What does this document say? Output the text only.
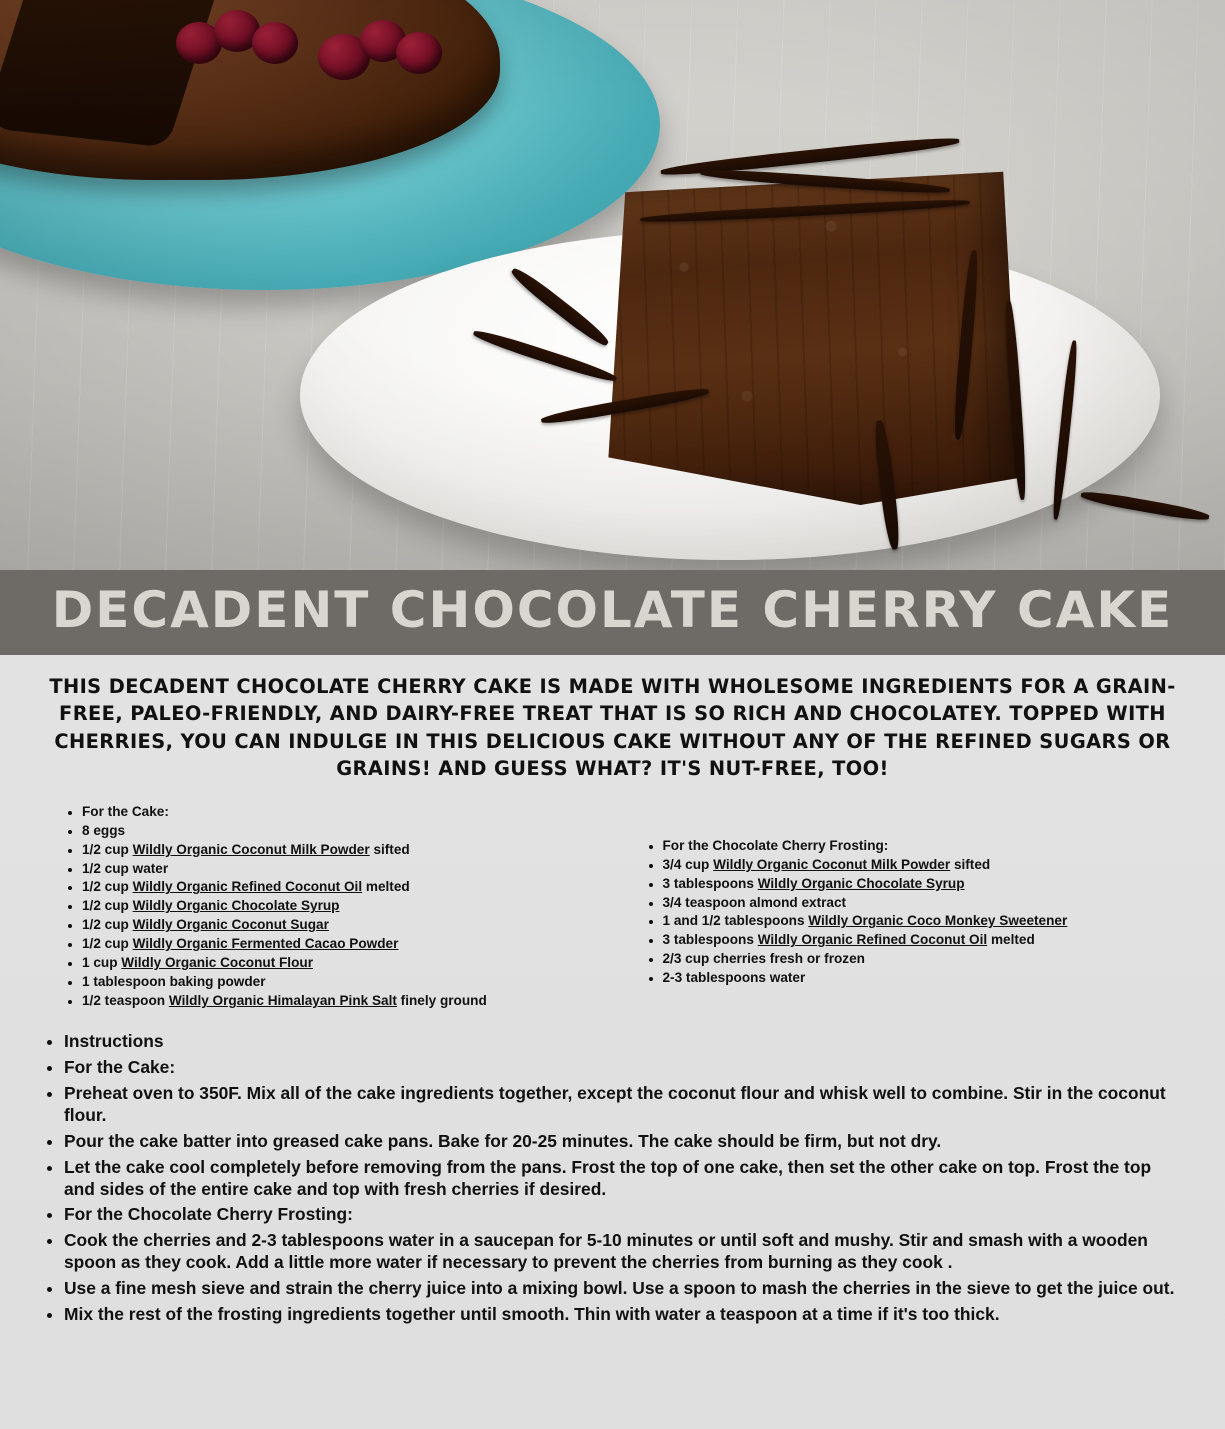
DECADENT CHOCOLATE CHERRY CAKE
THIS DECADENT CHOCOLATE CHERRY CAKE IS MADE WITH WHOLESOME INGREDIENTS FOR A GRAIN-FREE, PALEO-FRIENDLY, AND DAIRY-FREE TREAT THAT IS SO RICH AND CHOCOLATEY. TOPPED WITH CHERRIES, YOU CAN INDULGE IN THIS DELICIOUS CAKE WITHOUT ANY OF THE REFINED SUGARS OR GRAINS! AND GUESS WHAT? IT'S NUT-FREE, TOO!
• For the Cake:
• 8 eggs
• 1/2 cup Wildly Organic Coconut Milk Powder sifted
• 1/2 cup water
• 1/2 cup Wildly Organic Refined Coconut Oil melted
• 1/2 cup Wildly Organic Chocolate Syrup
• 1/2 cup Wildly Organic Coconut Sugar
• 1/2 cup Wildly Organic Fermented Cacao Powder
• 1 cup Wildly Organic Coconut Flour
• 1 tablespoon baking powder
• 1/2 teaspoon Wildly Organic Himalayan Pink Salt finely ground
• For the Chocolate Cherry Frosting:
• 3/4 cup Wildly Organic Coconut Milk Powder sifted
• 3 tablespoons Wildly Organic Chocolate Syrup
• 3/4 teaspoon almond extract
• 1 and 1/2 tablespoons Wildly Organic Coco Monkey Sweetener
• 3 tablespoons Wildly Organic Refined Coconut Oil melted
• 2/3 cup cherries fresh or frozen
• 2-3 tablespoons water
• Instructions
• For the Cake:
• Preheat oven to 350F. Mix all of the cake ingredients together, except the coconut flour and whisk well to combine. Stir in the coconut flour.
• Pour the cake batter into greased cake pans. Bake for 20-25 minutes. The cake should be firm, but not dry.
• Let the cake cool completely before removing from the pans. Frost the top of one cake, then set the other cake on top. Frost the top and sides of the entire cake and top with fresh cherries if desired.
• For the Chocolate Cherry Frosting:
• Cook the cherries and 2-3 tablespoons water in a saucepan for 5-10 minutes or until soft and mushy. Stir and smash with a wooden spoon as they cook. Add a little more water if necessary to prevent the cherries from burning as they cook .
• Use a fine mesh sieve and strain the cherry juice into a mixing bowl. Use a spoon to mash the cherries in the sieve to get the juice out.
• Mix the rest of the frosting ingredients together until smooth. Thin with water a teaspoon at a time if it's too thick.
